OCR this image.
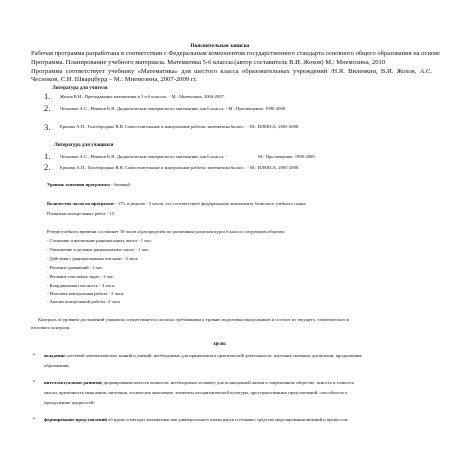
Пояснительная записка
Рабочая программа разработана в соответствии с Федеральным компонентом государственного стандарта основного общего образования на основе
Программа. Планирование учебного материала. Математика 5-6 классы.(автор составитель В.И. Жохов) М.: Мнемозина, 2010
Программа соответствует учебнику «Математика» для шестого класса образовательных учреждений /Н.Я. Виленкин, В.И. Жохов, А.С.
Чесноков, С.И. Шварцбурд – М.: Мнемозина, 2007-2009 гг.
Литература для учителя
1. Жохов В.И., Преподавание математики в 5 и 6 классах. - М.: Мнемозина, 2004-2007.
2. Чесноков А.С., Нешков К.И. Дидактические материалы по математике для 6 класса. - М.: Просвещение, 1990-2000.
3. Ершова А.П., Голобородько В.В. Самостоятельные и контрольные работы: математика 6класс . - М.: ИЛЕКСА, 2005-2008.
Литература для учащихся
1. Чесноков А.С., Нешков К.И. Дидактические материалы по математике для 6 класса. -	М.: Просвещение, 1990-2000
2. Ершова А.П., Голобородько В.В. Самостоятельные и контрольные работы: математика 6класс . - М.: ИЛЕКСА, 2005-2008.
Уровень освоения программы - базовый.
Количество часов по программе - 175, в неделю - 5 часов, что соответствует федеральному компоненту базисного учебного плана.
Плановых контрольных работ - 15
Резерв учебного времени составляет 18 часов и распределён по различным разделам курса 6 класса следующим образом:
- Сложение и вычитание рациональных чисел - 1 час;
- Умножение и деление рациональных чисел - 1 час;
- Действия с рациональными числами - 3 часа;
- Решение уравнений - 3 час;
- Решение текстовых задач - 3 час;
- Координатная плоскость - 3 часа;
- Итоговая контрольная работа - 2 часа;
- Анализ контрольной работы -2 часа
Контроль за уровнем достижений учащихся осуществляется согласно требованиям к уровню подготовки выпускников и состоит из текущего, тематического и
итогового контроля.
Цели:
• овладение системой математических знаний и умений, необходимых для применения в практической деятельности, изучения смежных дисциплин, продолжения
образования;
• интеллектуальное развитие, формирование качеств личности, необходимых человеку для полноценной жизни в современном обществе: ясность и точность
мысли, критичность мышления, интуиция, логическое мышление, элементы алгоритмической культуры, пространственных представлений, способность к
преодолению трудностей;
• формирование представлений об идеях и методах математики как универсального языка науки и техники, средства моделирования явлений и процессов;
